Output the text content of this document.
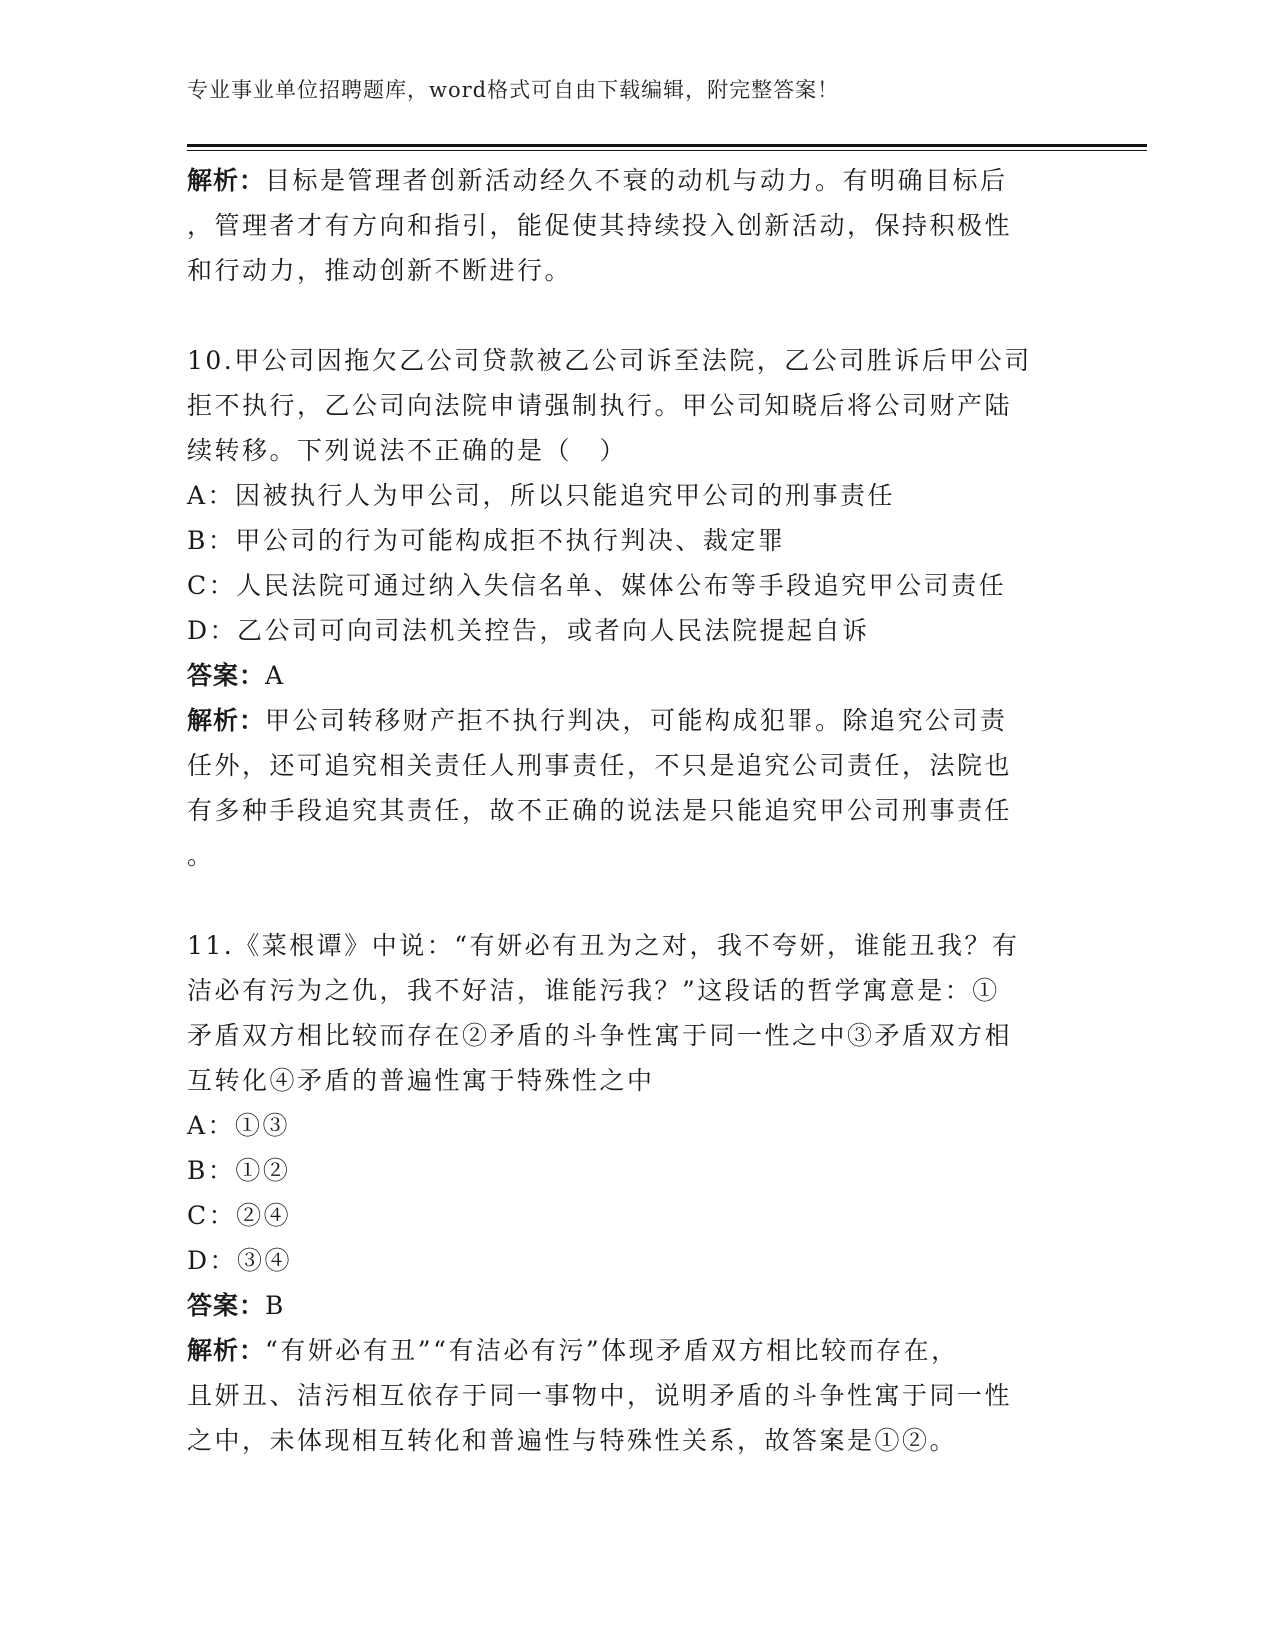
专业事业单位招聘题库，word格式可自由下载编辑，附完整答案！
解析：目标是管理者创新活动经久不衰的动机与动力。有明确目标后
，管理者才有方向和指引，能促使其持续投入创新活动，保持积极性
和行动力，推动创新不断进行。
10.甲公司因拖欠乙公司贷款被乙公司诉至法院，乙公司胜诉后甲公司
拒不执行，乙公司向法院申请强制执行。甲公司知晓后将公司财产陆
续转移。下列说法不正确的是（　）
A：因被执行人为甲公司，所以只能追究甲公司的刑事责任
B：甲公司的行为可能构成拒不执行判决、裁定罪
C：人民法院可通过纳入失信名单、媒体公布等手段追究甲公司责任
D：乙公司可向司法机关控告，或者向人民法院提起自诉
答案：A
解析：甲公司转移财产拒不执行判决，可能构成犯罪。除追究公司责
任外，还可追究相关责任人刑事责任，不只是追究公司责任，法院也
有多种手段追究其责任，故不正确的说法是只能追究甲公司刑事责任
。
11.《菜根谭》中说：“有妍必有丑为之对，我不夸妍，谁能丑我？有
洁必有污为之仇，我不好洁，谁能污我？”这段话的哲学寓意是：①
矛盾双方相比较而存在②矛盾的斗争性寓于同一性之中③矛盾双方相
互转化④矛盾的普遍性寓于特殊性之中
A：①③
B：①②
C：②④
D：③④
答案：B
解析：“有妍必有丑”“有洁必有污”体现矛盾双方相比较而存在，
且妍丑、洁污相互依存于同一事物中，说明矛盾的斗争性寓于同一性
之中，未体现相互转化和普遍性与特殊性关系，故答案是①②。
